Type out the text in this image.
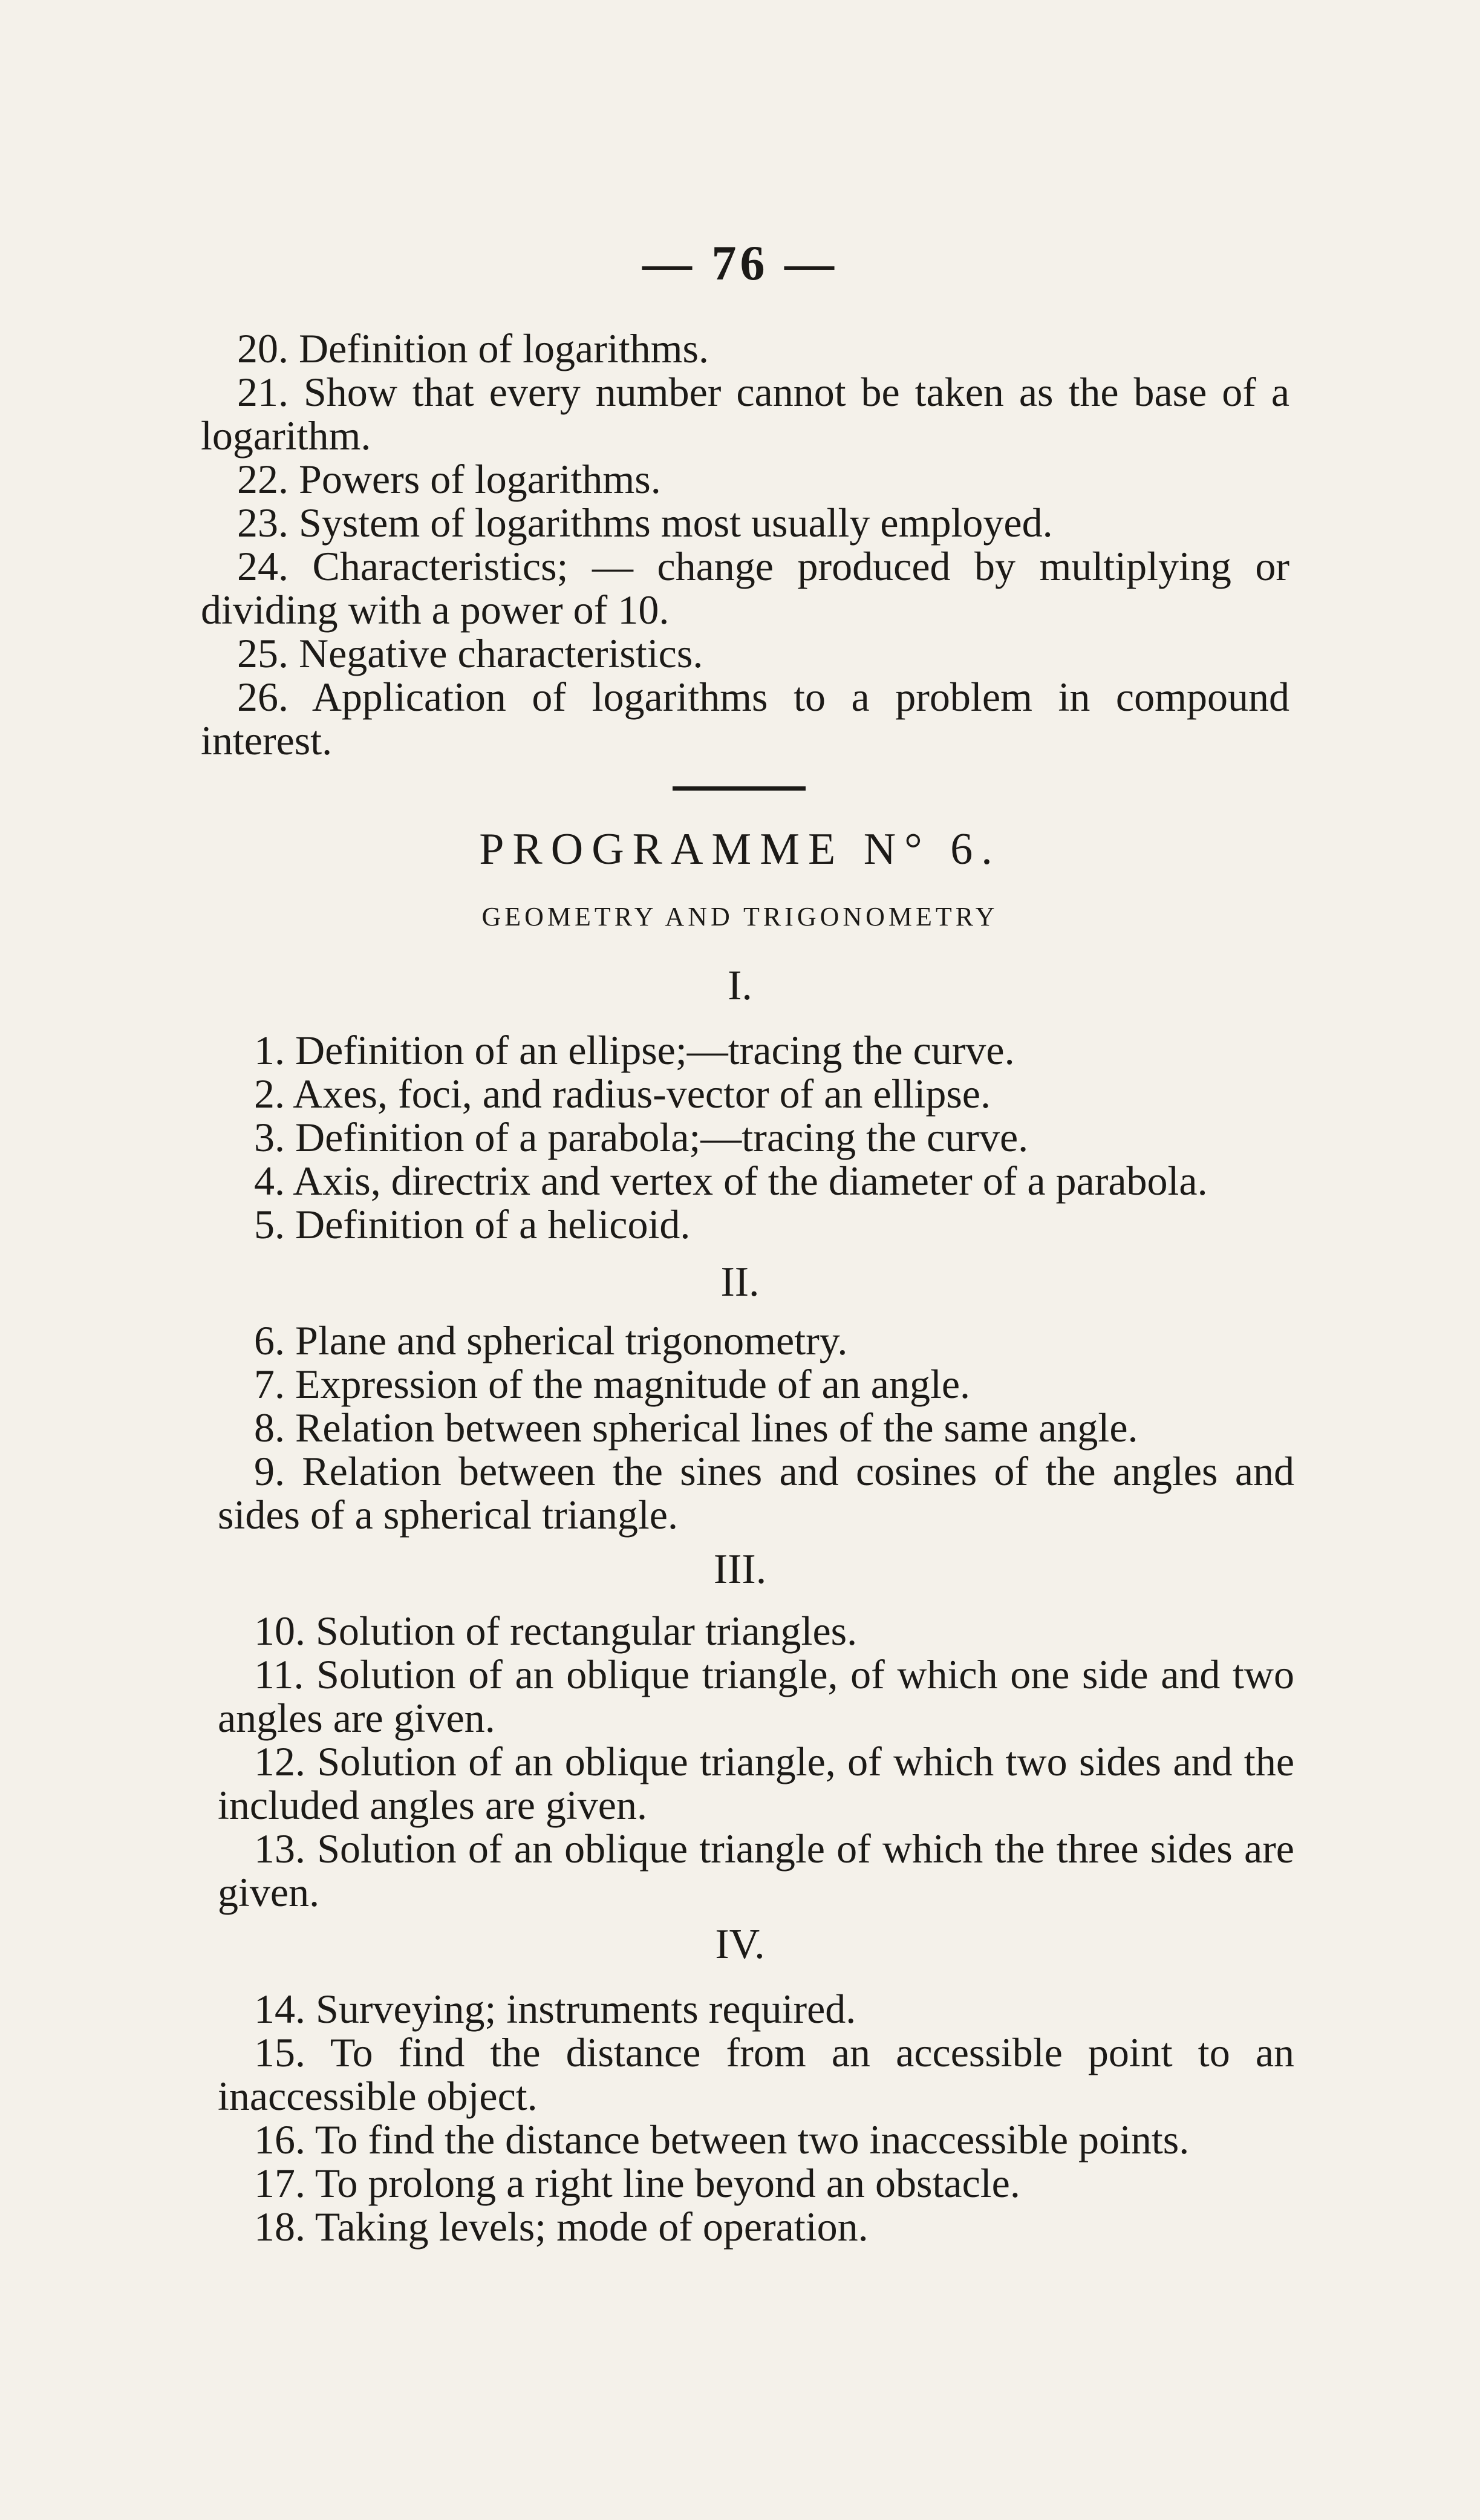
— 76 —

20. Definition of logarithms.

21. Show that every number cannot be taken as the base of a logarithm.

22. Powers of logarithms.

23. System of logarithms most usually employed.

24. Characteristics; — change produced by multiplying or dividing with a power of 10.

25. Negative characteristics.

26. Application of logarithms to a problem in compound interest.

PROGRAMME N° 6.
GEOMETRY AND TRIGONOMETRY
I.

1. Definition of an ellipse;—tracing the curve.

2. Axes, foci, and radius-vector of an ellipse.

3. Definition of a parabola;—tracing the curve.

4. Axis, directrix and vertex of the diameter of a parabola.

5. Definition of a helicoid.

II.

6. Plane and spherical trigonometry.

7. Expression of the magnitude of an angle.

8. Relation between spherical lines of the same angle.

9. Relation between the sines and cosines of the angles and sides of a spherical triangle.

III.

10. Solution of rectangular triangles.

11. Solution of an oblique triangle, of which one side and two angles are given.

12. Solution of an oblique triangle, of which two sides and the included angles are given.

13. Solution of an oblique triangle of which the three sides are given.

IV.

14. Surveying; instruments required.

15. To find the distance from an accessible point to an inaccessible object.

16. To find the distance between two inaccessible points.

17. To prolong a right line beyond an obstacle.

18. Taking levels; mode of operation.
